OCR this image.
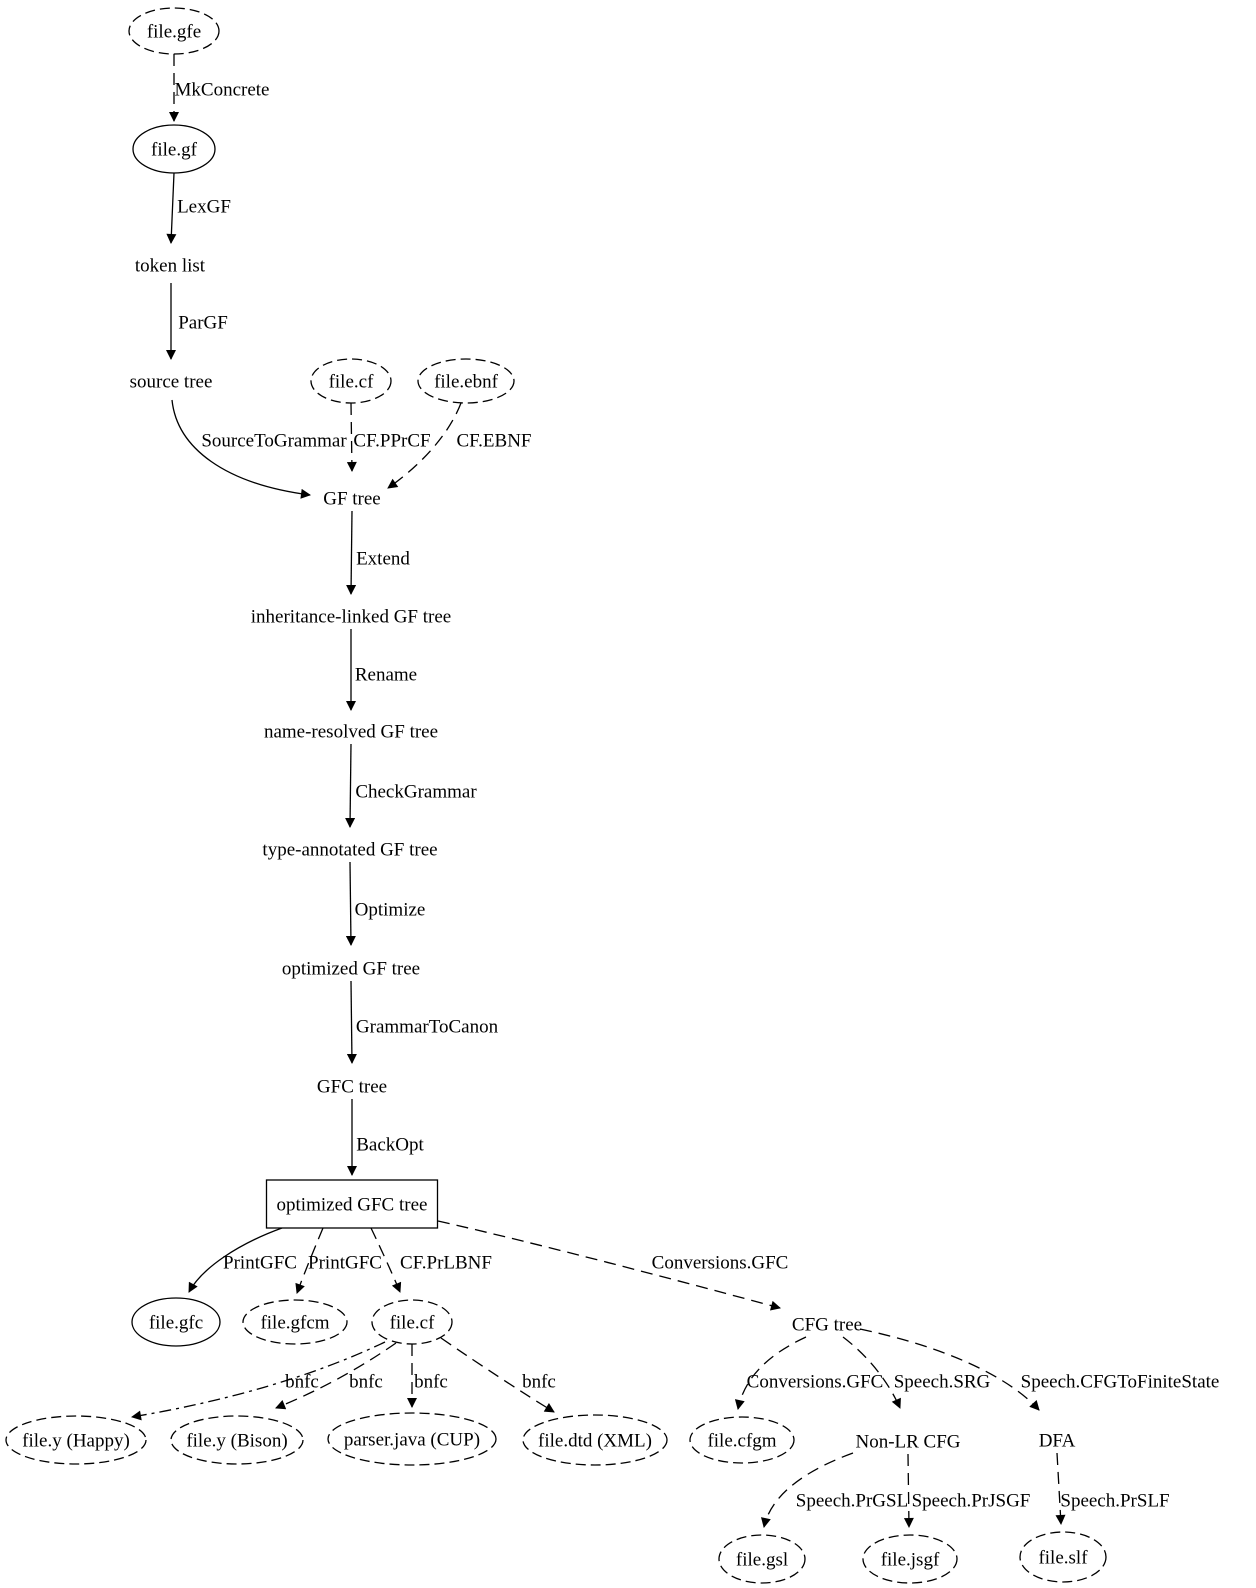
MkConcrete
LexGF
ParGF
SourceToGrammar CF.PPrCF CF.EBNF
Extend
Rename
CheckGrammar
Optimize
GrammarToCanon
BackOpt
PrintGFC PrintGFC CF.PrLBNF	Conversions.GFC
bnfc bnfc bnfc	bnfc	Conversions.GFC Speech.SRG Speech.CFGToFiniteState
Speech.PrGSL Speech.PrJSGF Speech.PrSLF
file.gfe
file.gf
token list
source tree	file.cf	file.ebnf
GF tree
inheritance-linked GF tree
name-resolved GF tree
type-annotated GF tree
optimized GF tree
GFC tree
optimized GFC tree
file.gfc	file.gfcm	file.cf	CFG tree
file.y (Happy)	file.y (Bison)	parser.java (CUP)	file.dtd (XML)	file.cfgm	Non-LR CFG	DFA
file.gsl	file.jsgf	file.slf
